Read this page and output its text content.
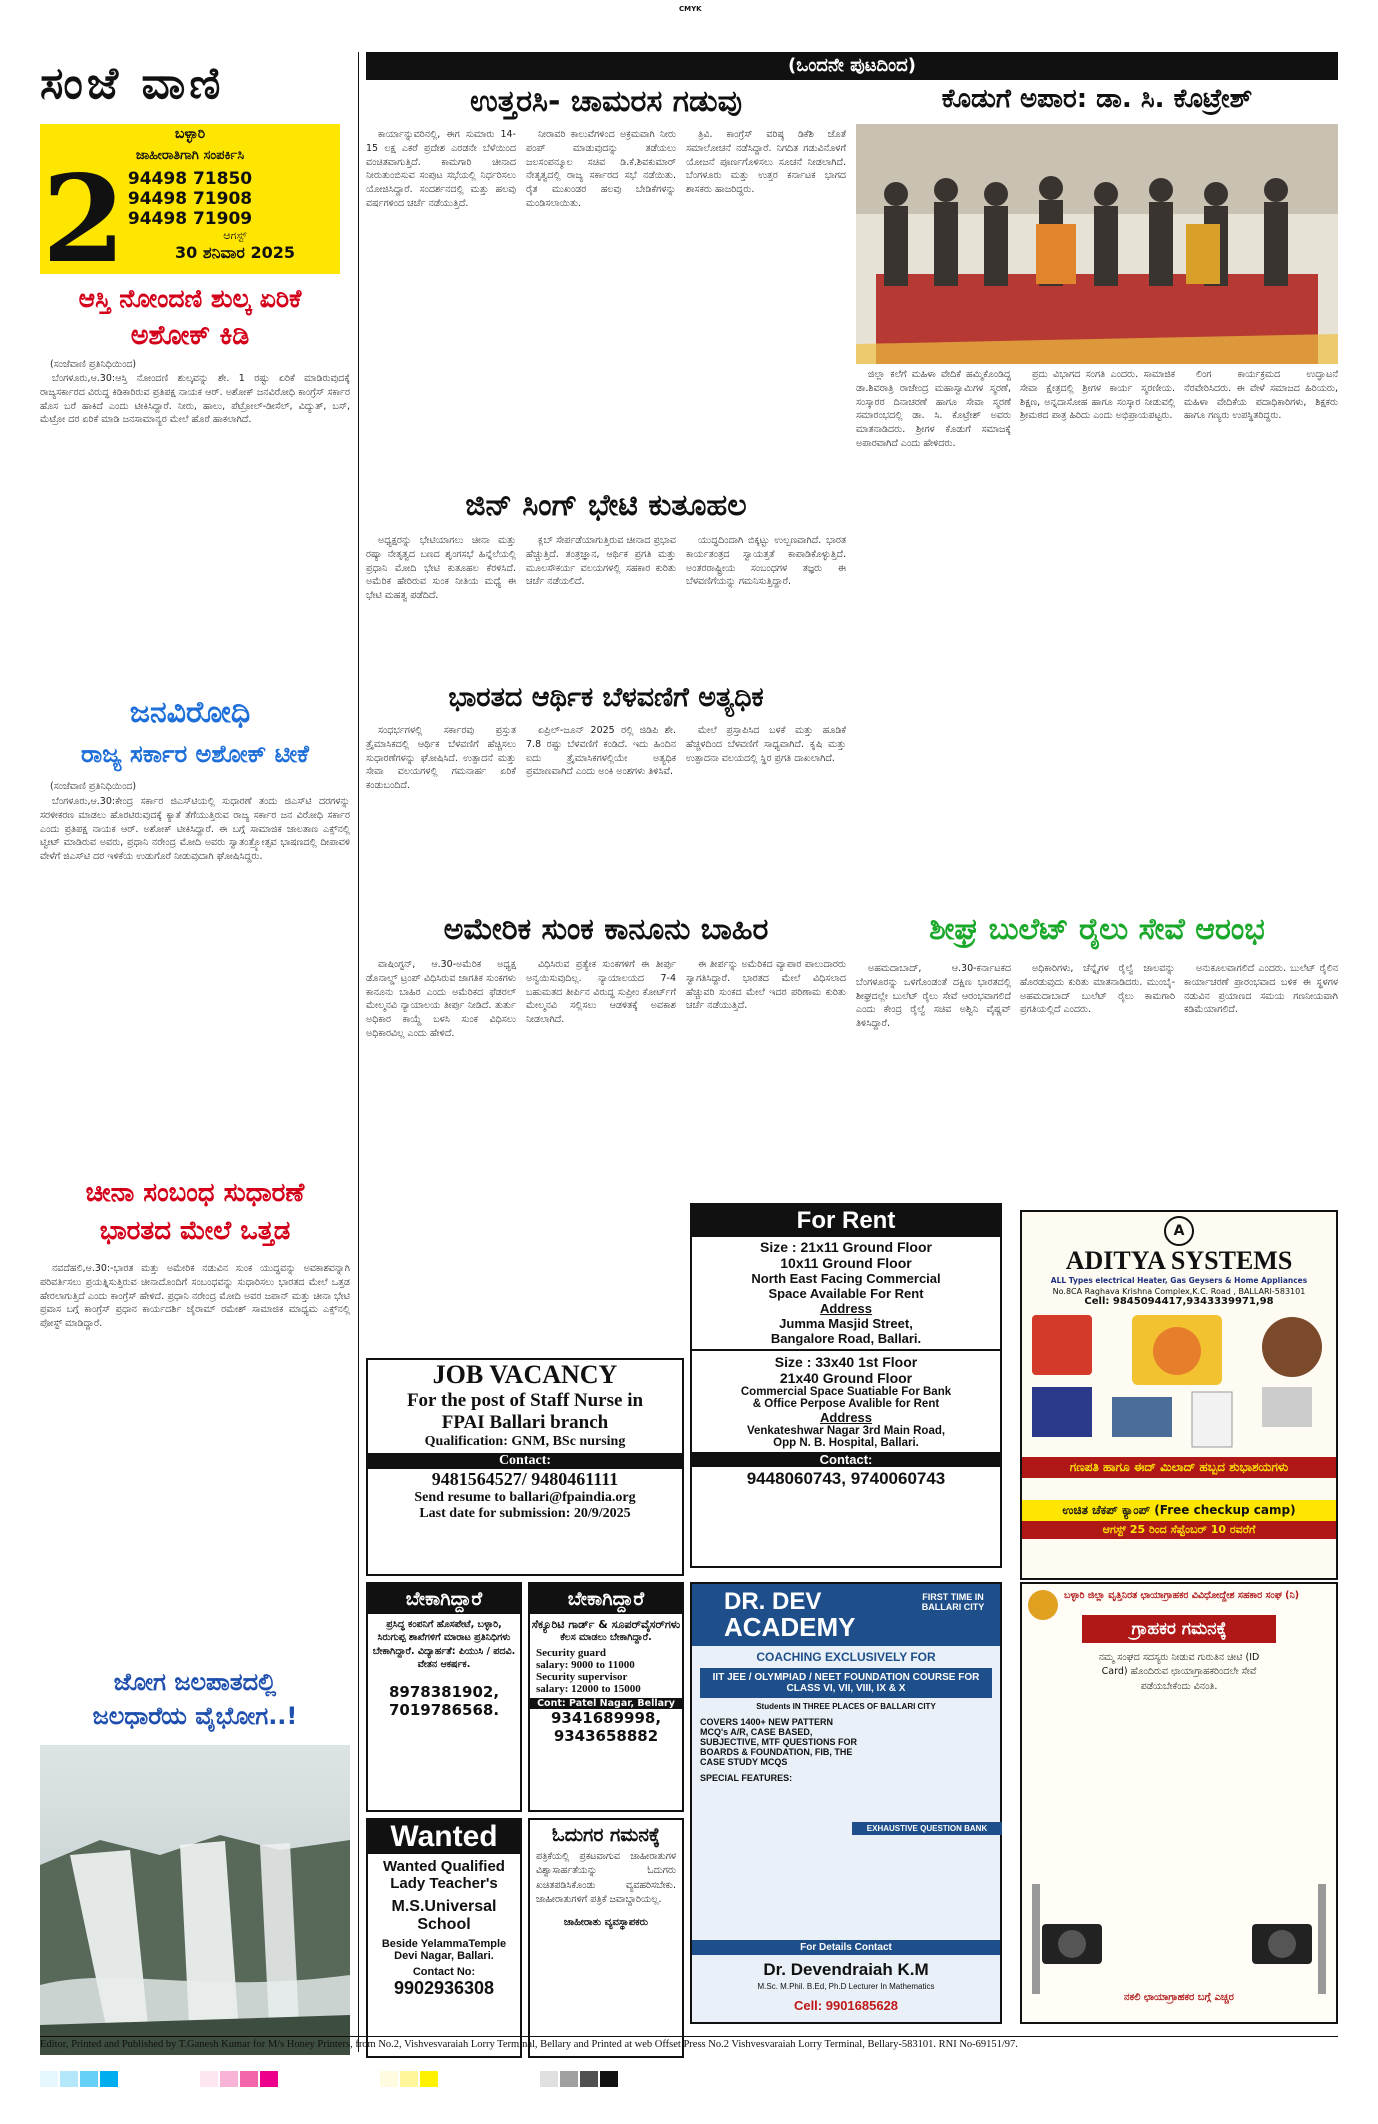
CMYK
ಸಂಜೆ ವಾಣಿ
ಬಳ್ಳಾರಿ
ಜಾಹೀರಾತಿಗಾಗಿ ಸಂಪರ್ಕಿಸಿ
94498 71850
94498 71908
94498 71909
ಆಗಸ್ಟ್
30 ಶನಿವಾರ 2025
2
ಆಸ್ತಿ ನೋಂದಣಿ ಶುಲ್ಕ ಏರಿಕೆ
ಅಶೋಕ್ ಕಿಡಿ
(ಸಂಜೆವಾಣಿ ಪ್ರತಿನಿಧಿಯಿಂದ)

ಬೆಂಗಳೂರು,ಆ.30:ಆಸ್ತಿ ನೋಂದಣಿ ಶುಲ್ಕವನ್ನು ಶೇ. 1 ರಷ್ಟು ಏರಿಕೆ ಮಾಡಿರುವುದಕ್ಕೆ ರಾಜ್ಯಸರ್ಕಾರದ ವಿರುದ್ಧ ಕಿಡಿಕಾರಿರುವ ಪ್ರತಿಪಕ್ಷ ನಾಯಕ ಆರ್. ಅಶೋಕ್ ಜನವಿರೋಧಿ ಕಾಂಗ್ರೆಸ್ ಸರ್ಕಾರ ಹೊಸ ಬರೆ ಹಾಕಿದೆ ಎಂದು ಟೀಕಿಸಿದ್ದಾರೆ. ನೀರು, ಹಾಲು, ಪೆಟ್ರೋಲ್-ಡೀಸೆಲ್, ವಿದ್ಯುತ್, ಬಸ್, ಮೆಟ್ರೋ ದರ ಏರಿಕೆ ಮಾಡಿ ಜನಸಾಮಾನ್ಯರ ಮೇಲೆ ಹೊರೆ ಹಾಕಲಾಗಿದೆ.

ಜನವಿರೋಧಿ
ರಾಜ್ಯ ಸರ್ಕಾರ ಅಶೋಕ್ ಟೀಕೆ
(ಸಂಜೆವಾಣಿ ಪ್ರತಿನಿಧಿಯಿಂದ)

ಬೆಂಗಳೂರು,ಆ.30:ಕೇಂದ್ರ ಸರ್ಕಾರ ಜಿಎಸ್‌ಟಿಯಲ್ಲಿ ಸುಧಾರಣೆ ತಂದು ಜಿಎಸ್‌ಟಿ ದರಗಳನ್ನು ಸರಳೀಕರಣ ಮಾಡಲು ಹೊರಟಿರುವುದಕ್ಕೆ ಕ್ಯಾತೆ ತೆಗೆಯುತ್ತಿರುವ ರಾಜ್ಯ ಸರ್ಕಾರ ಜನ ವಿರೋಧಿ ಸರ್ಕಾರ ಎಂದು ಪ್ರತಿಪಕ್ಷ ನಾಯಕ ಆರ್. ಅಶೋಕ್ ಟೀಕಿಸಿದ್ದಾರೆ. ಈ ಬಗ್ಗೆ ಸಾಮಾಜಿಕ ಜಾಲತಾಣ ಎಕ್ಸ್‌ನಲ್ಲಿ ಟ್ವೀಟ್ ಮಾಡಿರುವ ಅವರು, ಪ್ರಧಾನಿ ನರೇಂದ್ರ ಮೋದಿ ಅವರು ಸ್ವಾತಂತ್ರ್ಯೋತ್ಸವ ಭಾಷಣದಲ್ಲಿ ದೀಪಾವಳಿ ವೇಳೆಗೆ ಜಿಎಸ್‌ಟಿ ದರ ಇಳಿಕೆಯ ಉಡುಗೊರೆ ನೀಡುವುದಾಗಿ ಘೋಷಿಸಿದ್ದರು.

ಚೀನಾ ಸಂಬಂಧ ಸುಧಾರಣೆ
ಭಾರತದ ಮೇಲೆ ಒತ್ತಡ

ನವದೆಹಲಿ,ಆ.30:-ಭಾರತ ಮತ್ತು ಅಮೇರಿಕ ನಡುವಿನ ಸುಂಕ ಯುದ್ಧವನ್ನು ಅವಕಾಶವನ್ನಾಗಿ ಪರಿವರ್ತಿಸಲು ಪ್ರಯತ್ನಿಸುತ್ತಿರುವ ಚೀನಾದೊಂದಿಗೆ ಸಂಬಂಧವನ್ನು ಸುಧಾರಿಸಲು ಭಾರತದ ಮೇಲೆ ಒತ್ತಡ ಹೇರಲಾಗುತ್ತಿದೆ ಎಂದು ಕಾಂಗ್ರೆಸ್ ಹೇಳಿದೆ. ಪ್ರಧಾನಿ ನರೇಂದ್ರ ಮೋದಿ ಅವರ ಜಪಾನ್ ಮತ್ತು ಚೀನಾ ಭೇಟಿ ಪ್ರವಾಸ ಬಗ್ಗೆ ಕಾಂಗ್ರೆಸ್ ಪ್ರಧಾನ ಕಾರ್ಯದರ್ಶಿ ಜೈರಾಮ್ ರಮೇಶ್ ಸಾಮಾಜಿಕ ಮಾಧ್ಯಮ ಎಕ್ಸ್‌ನಲ್ಲಿ ಪೋಸ್ಟ್ ಮಾಡಿದ್ದಾರೆ.

ಜೋಗ ಜಲಪಾತದಲ್ಲಿ
ಜಲಧಾರೆಯ ವೈಭೋಗ..!
(ಒಂದನೇ ಪುಟದಿಂದ)
ಉತ್ತರಸಿ- ಚಾಮರಸ ಗಡುವು

ಕಾರ್ಯಾನ್ನುವರಿನಲ್ಲಿ, ಈಗ ಸುಮಾರು 14-15 ಲಕ್ಷ ಎಕರೆ ಪ್ರದೇಶ ಎರಡನೇ ಬೆಳೆಯಿಂದ ವಂಚಿತವಾಗುತ್ತಿದೆ. ಕಾಮಗಾರಿ ಚೀನಾದ ನೀರುತುಂಬಿಸುವ ಸಂಪುಟ ಸಭೆಯಲ್ಲಿ ನಿರ್ಧರಿಸಲು ಯೋಜಿಸಿದ್ದಾರೆ. ಸಂದರ್ಶನದಲ್ಲಿ ಮತ್ತು ಹಲವು ವರ್ಷಗಳಿಂದ ಚರ್ಚೆ ನಡೆಯುತ್ತಿದೆ.

ನೀರಾವರಿ ಕಾಲುವೆಗಳಿಂದ ಅಕ್ರಮವಾಗಿ ನೀರು ಪಂಪ್ ಮಾಡುವುದನ್ನು ತಡೆಯಲು ಜಲಸಂಪನ್ಮೂಲ ಸಚಿವ ಡಿ.ಕೆ.ಶಿವಕುಮಾರ್ ನೇತೃತ್ವದಲ್ಲಿ ರಾಜ್ಯ ಸರ್ಕಾರದ ಸಭೆ ನಡೆಯಿತು. ರೈತ ಮುಖಂಡರ ಹಲವು ಬೇಡಿಕೆಗಳನ್ನು ಮಂಡಿಸಲಾಯಿತು.

ತ್ರಿವಿ. ಕಾಂಗ್ರೆಸ್ ವರಿಷ್ಠ ಡಿಕೆಶಿ ಜೊತೆ ಸಮಾಲೋಚನೆ ನಡೆಸಿದ್ದಾರೆ. ನಿಗದಿತ ಗಡುವಿನೊಳಗೆ ಯೋಜನೆ ಪೂರ್ಣಗೊಳಿಸಲು ಸೂಚನೆ ನೀಡಲಾಗಿದೆ. ಬೆಂಗಳೂರು ಮತ್ತು ಉತ್ತರ ಕರ್ನಾಟಕ ಭಾಗದ ಶಾಸಕರು ಹಾಜರಿದ್ದರು.

ಜಿನ್ ಸಿಂಗ್ ಭೇಟಿ ಕುತೂಹಲ

ಅಧ್ಯಕ್ಷರನ್ನು ಭೇಟಿಯಾಗಲು ಚೀನಾ ಮತ್ತು ರಷ್ಯಾ ನೇತೃತ್ವದ ಬಣದ ಶೃಂಗಸಭೆ ಹಿನ್ನೆಲೆಯಲ್ಲಿ ಪ್ರಧಾನಿ ಮೋದಿ ಭೇಟಿ ಕುತೂಹಲ ಕೆರಳಿಸಿದೆ. ಅಮೆರಿಕ ಹೇರಿರುವ ಸುಂಕ ನೀತಿಯ ಮಧ್ಯೆ ಈ ಭೇಟಿ ಮಹತ್ವ ಪಡೆದಿದೆ.

ಕ್ಲಬ್ ಸೇರ್ಪಡೆಯಾಗುತ್ತಿರುವ ಚೀನಾದ ಪ್ರಭಾವ ಹೆಚ್ಚುತ್ತಿದೆ. ತಂತ್ರಜ್ಞಾನ, ಆರ್ಥಿಕ ಪ್ರಗತಿ ಮತ್ತು ಮೂಲಸೌಕರ್ಯ ವಲಯಗಳಲ್ಲಿ ಸಹಕಾರ ಕುರಿತು ಚರ್ಚೆ ನಡೆಯಲಿದೆ.

ಯುದ್ಧದಿಂದಾಗಿ ಬಿಕ್ಕಟ್ಟು ಉಲ್ಬಣವಾಗಿದೆ. ಭಾರತ ಕಾರ್ಯತಂತ್ರದ ಸ್ವಾಯತ್ತತೆ ಕಾಪಾಡಿಕೊಳ್ಳುತ್ತಿದೆ. ಅಂತರರಾಷ್ಟ್ರೀಯ ಸಂಬಂಧಗಳ ತಜ್ಞರು ಈ ಬೆಳವಣಿಗೆಯನ್ನು ಗಮನಿಸುತ್ತಿದ್ದಾರೆ.

ಭಾರತದ ಆರ್ಥಿಕ ಬೆಳವಣಿಗೆ ಅತ್ಯಧಿಕ

ಸಂಧರ್ಭಗಳಲ್ಲಿ ಸರ್ಕಾರವು ಪ್ರಸ್ತುತ ತ್ರೈಮಾಸಿಕದಲ್ಲಿ ಆರ್ಥಿಕ ಬೆಳವಣಿಗೆ ಹೆಚ್ಚಿಸಲು ಸುಧಾರಣೆಗಳನ್ನು ಘೋಷಿಸಿದೆ. ಉತ್ಪಾದನೆ ಮತ್ತು ಸೇವಾ ವಲಯಗಳಲ್ಲಿ ಗಮನಾರ್ಹ ಏರಿಕೆ ಕಂಡುಬಂದಿದೆ.

ಏಪ್ರಿಲ್-ಜೂನ್ 2025 ರಲ್ಲಿ ಜಿಡಿಪಿ ಶೇ. 7.8 ರಷ್ಟು ಬೆಳವಣಿಗೆ ಕಂಡಿದೆ. ಇದು ಹಿಂದಿನ ಐದು ತ್ರೈಮಾಸಿಕಗಳಲ್ಲಿಯೇ ಅತ್ಯಧಿಕ ಪ್ರಮಾಣವಾಗಿದೆ ಎಂದು ಅಂಕಿ ಅಂಶಗಳು ತಿಳಿಸಿವೆ.

ಮೇಲೆ ಪ್ರಸ್ತಾಪಿಸಿದ ಬಳಕೆ ಮತ್ತು ಹೂಡಿಕೆ ಹೆಚ್ಚಳದಿಂದ ಬೆಳವಣಿಗೆ ಸಾಧ್ಯವಾಗಿದೆ. ಕೃಷಿ ಮತ್ತು ಉತ್ಪಾದನಾ ವಲಯದಲ್ಲಿ ಸ್ಥಿರ ಪ್ರಗತಿ ದಾಖಲಾಗಿದೆ.

ಅಮೇರಿಕ ಸುಂಕ ಕಾನೂನು ಬಾಹಿರ

ವಾಷಿಂಗ್ಟನ್, ಆ.30-ಅಮೆರಿಕ ಅಧ್ಯಕ್ಷ ಡೊನಾಲ್ಡ್ ಟ್ರಂಪ್ ವಿಧಿಸಿರುವ ಜಾಗತಿಕ ಸುಂಕಗಳು ಕಾನೂನು ಬಾಹಿರ ಎಂದು ಅಮೆರಿಕದ ಫೆಡರಲ್ ಮೇಲ್ಮನವಿ ನ್ಯಾಯಾಲಯ ತೀರ್ಪು ನೀಡಿದೆ. ತುರ್ತು ಅಧಿಕಾರ ಕಾಯ್ದೆ ಬಳಸಿ ಸುಂಕ ವಿಧಿಸಲು ಅಧಿಕಾರವಿಲ್ಲ ಎಂದು ಹೇಳಿದೆ.

ವಿಧಿಸಿರುವ ಪ್ರತ್ಯೇಕ ಸುಂಕಗಳಿಗೆ ಈ ತೀರ್ಪು ಅನ್ವಯಿಸುವುದಿಲ್ಲ. ನ್ಯಾಯಾಲಯದ 7-4 ಬಹುಮತದ ತೀರ್ಪಿನ ವಿರುದ್ಧ ಸುಪ್ರೀಂ ಕೋರ್ಟ್‌ಗೆ ಮೇಲ್ಮನವಿ ಸಲ್ಲಿಸಲು ಆಡಳಿತಕ್ಕೆ ಅವಕಾಶ ನೀಡಲಾಗಿದೆ.

ಈ ತೀರ್ಪನ್ನು ಅಮೆರಿಕದ ವ್ಯಾಪಾರ ಪಾಲುದಾರರು ಸ್ವಾಗತಿಸಿದ್ದಾರೆ. ಭಾರತದ ಮೇಲೆ ವಿಧಿಸಲಾದ ಹೆಚ್ಚುವರಿ ಸುಂಕದ ಮೇಲೆ ಇದರ ಪರಿಣಾಮ ಕುರಿತು ಚರ್ಚೆ ನಡೆಯುತ್ತಿದೆ.

ಕೊಡುಗೆ ಅಪಾರ: ಡಾ. ಸಿ. ಕೊಟ್ರೇಶ್

ಜಿಲ್ಲಾ ಕಲೆಗೆ ಮಹಿಳಾ ವೇದಿಕೆ ಹಮ್ಮಿಕೊಂಡಿದ್ದ ಡಾ.ಶಿವರಾತ್ರಿ ರಾಜೇಂದ್ರ ಮಹಾಸ್ವಾಮಿಗಳ ಸ್ಮರಣೆ, ಸಂಸ್ಕಾರರ ದಿನಾಚರಣೆ ಹಾಗೂ ಸೇವಾ ಸ್ಮರಣೆ ಸಮಾರಂಭದಲ್ಲಿ ಡಾ. ಸಿ. ಕೊಟ್ರೇಶ್ ಅವರು ಮಾತನಾಡಿದರು. ಶ್ರೀಗಳ ಕೊಡುಗೆ ಸಮಾಜಕ್ಕೆ ಅಪಾರವಾಗಿದೆ ಎಂದು ಹೇಳಿದರು.

ಪ್ರದು ವಿಭಾಗದ ಸಂಗತಿ ಎಂದರು. ಸಾಮಾಜಿಕ ಸೇವಾ ಕ್ಷೇತ್ರದಲ್ಲಿ ಶ್ರೀಗಳ ಕಾರ್ಯ ಸ್ಮರಣೀಯ. ಶಿಕ್ಷಣ, ಅನ್ನದಾಸೋಹ ಹಾಗೂ ಸಂಸ್ಕಾರ ನೀಡುವಲ್ಲಿ ಶ್ರೀಮಠದ ಪಾತ್ರ ಹಿರಿದು ಎಂದು ಅಭಿಪ್ರಾಯಪಟ್ಟರು.

ಲಿಂಗ ಕಾರ್ಯಕ್ರಮದ ಉದ್ಘಾಟನೆ ನೆರವೇರಿಸಿದರು. ಈ ವೇಳೆ ಸಮಾಜದ ಹಿರಿಯರು, ಮಹಿಳಾ ವೇದಿಕೆಯ ಪದಾಧಿಕಾರಿಗಳು, ಶಿಕ್ಷಕರು ಹಾಗೂ ಗಣ್ಯರು ಉಪಸ್ಥಿತರಿದ್ದರು.

ಶೀಘ್ರ ಬುಲೆಟ್ ರೈಲು ಸೇವೆ ಆರಂಭ

ಅಹಮದಾಬಾದ್, ಆ.30-ಕರ್ನಾಟಕದ ಬೆಂಗಳೂರನ್ನು ಒಳಗೊಂಡಂತೆ ದಕ್ಷಿಣ ಭಾರತದಲ್ಲಿ ಶೀಘ್ರದಲ್ಲೇ ಬುಲೆಟ್ ರೈಲು ಸೇವೆ ಆರಂಭವಾಗಲಿದೆ ಎಂದು ಕೇಂದ್ರ ರೈಲ್ವೆ ಸಚಿವ ಅಶ್ವಿನಿ ವೈಷ್ಣವ್ ತಿಳಿಸಿದ್ದಾರೆ.

ಅಧಿಕಾರಿಗಳು, ಚೆನ್ನೈಗಳ ರೈಲ್ವೆ ಜಾಲವನ್ನು ಹೊರಡುವುದು ಕುರಿತು ಮಾತನಾಡಿದರು. ಮುಂಬೈ-ಅಹಮದಾಬಾದ್ ಬುಲೆಟ್ ರೈಲು ಕಾಮಗಾರಿ ಪ್ರಗತಿಯಲ್ಲಿದೆ ಎಂದರು.

ಅನುಕೂಲವಾಗಲಿದೆ ಎಂದರು. ಬುಲೆಟ್ ರೈಲಿನ ಕಾರ್ಯಾಚರಣೆ ಪ್ರಾರಂಭವಾದ ಬಳಿಕ ಈ ಸ್ಥಳಗಳ ನಡುವಿನ ಪ್ರಯಾಣದ ಸಮಯ ಗಣನೀಯವಾಗಿ ಕಡಿಮೆಯಾಗಲಿದೆ.

For Rent
Size : 21x11 Ground Floor
10x11 Ground Floor
North East Facing Commercial
Space Available For Rent
Address
Jumma Masjid Street,
Bangalore Road, Ballari.
Size : 33x40 1st Floor
21x40 Ground Floor
Commercial Space Suatiable For Bank
& Office Perpose Avalible for Rent
Address
Venkateshwar Nagar 3rd Main Road,
Opp N. B. Hospital, Ballari.
Contact:
9448060743, 9740060743
JOB VACANCY
For the post of Staff Nurse in
FPAI Ballari branch
Qualification: GNM, BSc nursing
Contact:
9481564527/ 9480461111
Send resume to ballari@fpaindia.org
Last date for submission: 20/9/2025
A
ADITYA SYSTEMS
ALL Types electrical Heater, Gas Geysers & Home Appliances
No.8CA Raghava Krishna Complex,K.C. Road , BALLARI-583101
Cell: 9845094417,9343339971,98
ಗಣಪತಿ ಹಾಗೂ ಈದ್ ಮಿಲಾದ್ ಹಬ್ಬದ ಶುಭಾಶಯಗಳು
ಉಚಿತ ಚೆಕಪ್ ಕ್ಯಾಂಪ್ (Free checkup camp)
ಆಗಸ್ಟ್ 25 ರಿಂದ ಸೆಪ್ಟೆಂಬರ್ 10 ರವರೆಗೆ
ಬೇಕಾಗಿದ್ದಾರೆ
ಪ್ರಸಿದ್ಧ ಕಂಪನಿಗೆ ಹೊಸಪೇಟೆ, ಬಳ್ಳಾರಿ, ಸಿರುಗುಪ್ಪ ಶಾಖೆಗಳಿಗೆ ಮಾರಾಟ ಪ್ರತಿನಿಧಿಗಳು ಬೇಕಾಗಿದ್ದಾರೆ. ವಿದ್ಯಾರ್ಹತೆ: ಪಿಯುಸಿ / ಪದವಿ. ವೇತನ ಆಕರ್ಷಕ.
8978381902,
7019786568.
ಬೇಕಾಗಿದ್ದಾರೆ
ಸೆಕ್ಯೂರಿಟಿ ಗಾರ್ಡ್ & ಸೂಪರ್‌ವೈಸರ್‌ಗಳು
ಕೆಲಸ ಮಾಡಲು ಬೇಕಾಗಿದ್ದಾರೆ.
Security guard
salary: 9000 to 11000
Security supervisor
salary: 12000 to 15000
Cont: Patel Nagar, Bellary
9341689998,
9343658882
Wanted
Wanted Qualified
Lady Teacher's
M.S.Universal
School
Beside YelammaTemple
Devi Nagar, Ballari.
Contact No:
9902936308
ಓದುಗರ ಗಮನಕ್ಕೆ
ಪತ್ರಿಕೆಯಲ್ಲಿ ಪ್ರಕಟವಾಗುವ ಜಾಹೀರಾತುಗಳ ವಿಶ್ವಾಸಾರ್ಹತೆಯನ್ನು ಓದುಗರು ಖಚಿತಪಡಿಸಿಕೊಂಡು ವ್ಯವಹರಿಸಬೇಕು. ಜಾಹೀರಾತುಗಳಿಗೆ ಪತ್ರಿಕೆ ಜವಾಬ್ದಾರಿಯಲ್ಲ.
ಜಾಹೀರಾತು ವ್ಯವಸ್ಥಾಪಕರು
DR. DEV
ACADEMY
FIRST TIME IN BALLARI CITY
COACHING EXCLUSIVELY FOR
IIT JEE / OLYMPIAD / NEET FOUNDATION COURSE FOR CLASS VI, VII, VIII, IX & X
Students IN THREE PLACES OF BALLARI CITY
COVERS 1400+ NEW PATTERN MCQ's A/R, CASE BASED, SUBJECTIVE, MTF QUESTIONS FOR BOARDS & FOUNDATION, FIB, THE CASE STUDY MCQS
SPECIAL FEATURES:
EXHAUSTIVE QUESTION BANK
For Details Contact
Dr. Devendraiah K.M
M.Sc. M.Phil. B.Ed, Ph.D Lecturer In Mathematics
Cell: 9901685628
ಬಳ್ಳಾರಿ ಜಿಲ್ಲಾ ವೃತ್ತಿನಿರತ ಛಾಯಾಗ್ರಾಹಕರ ವಿವಿಧೋದ್ದೇಶ ಸಹಕಾರ ಸಂಘ (ನಿ)
ಗ್ರಾಹಕರ ಗಮನಕ್ಕೆ
ನಮ್ಮ ಸಂಘದ ಸದಸ್ಯರು ನೀಡುವ ಗುರುತಿನ ಚೀಟಿ (ID Card) ಹೊಂದಿರುವ ಛಾಯಾಗ್ರಾಹಕರಿಂದಲೇ ಸೇವೆ ಪಡೆಯಬೇಕೆಂದು ವಿನಂತಿ.
ನಕಲಿ ಛಾಯಾಗ್ರಾಹಕರ ಬಗ್ಗೆ ಎಚ್ಚರ
Editor, Printed and Published by T.Ganesh Kumar for M/s Honey Printers, from No.2, Vishvesvaraiah Lorry Terminal, Bellary and Printed at web Offset Press No.2 Vishvesvaraiah Lorry Terminal, Bellary-583101. RNI No-69151/97.
